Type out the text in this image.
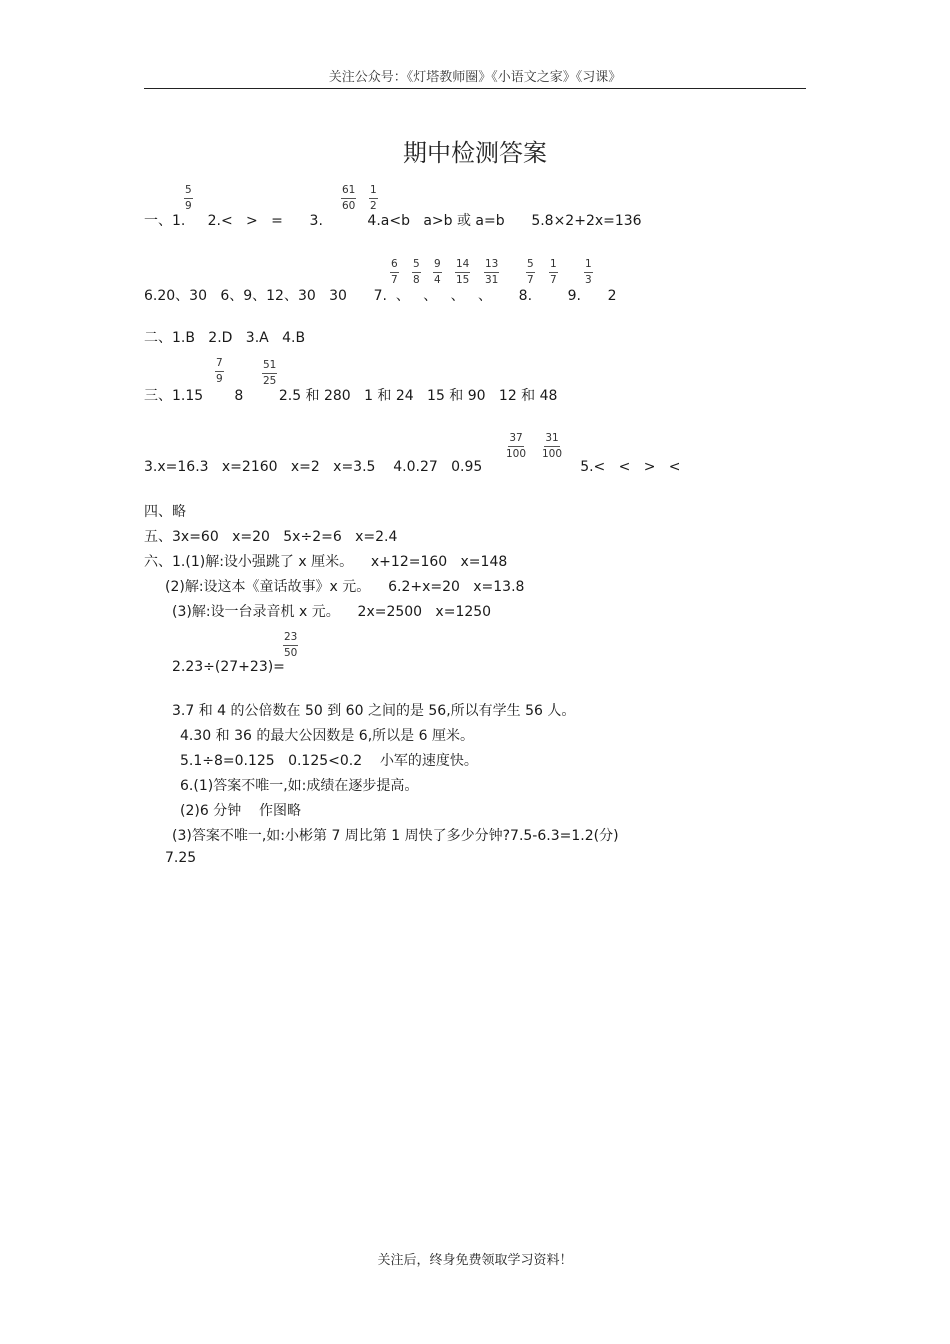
关注公众号：《灯塔教师圈》《小语文之家》《习课》
期中检测答案
一、1.     2.<   >   =      3.          4.a<b   a>b 或 a=b      5.8×2+2x=136
$\frac{5}{9}$	$\frac{61}{60} \frac{1}{2}$
6.20、30   6、9、12、30   30      7.  、   、   、   、      8.        9.      2
$\frac{6}{7} \frac{5}{8} \frac{9}{4} \frac{14}{15} \frac{13}{31}$	$\frac{5}{7} \frac{1}{7}$	$\frac{1}{3}$
二、1.B   2.D   3.A   4.B
三、1.15       8        2.5 和 280   1 和 24   15 和 90   12 和 48
$\frac{7}{9}$	$\frac{51}{25}$
3.x=16.3   x=2160   x=2   x=3.5    4.0.27   0.95                      5.<   <   >   <
$\frac{37}{100} \frac{31}{100}$
四、略
五、3x=60   x=20   5x÷2=6   x=2.4
六、1.(1)解:设小强跳了 x 厘米。    x+12=160   x=148
(2)解:设这本《童话故事》x 元。    6.2+x=20   x=13.8
(3)解:设一台录音机 x 元。    2x=2500   x=1250
2.23÷(27+23)=
$\frac{23}{50}$
3.7 和 4 的公倍数在 50 到 60 之间的是 56,所以有学生 56 人。
4.30 和 36 的最大公因数是 6,所以是 6 厘米。
5.1÷8=0.125   0.125<0.2    小军的速度快。
6.(1)答案不唯一,如:成绩在逐步提高。
(2)6 分钟    作图略
(3)答案不唯一,如:小彬第 7 周比第 1 周快了多少分钟?7.5-6.3=1.2(分)
7.25
关注后，终身免费领取学习资料！
